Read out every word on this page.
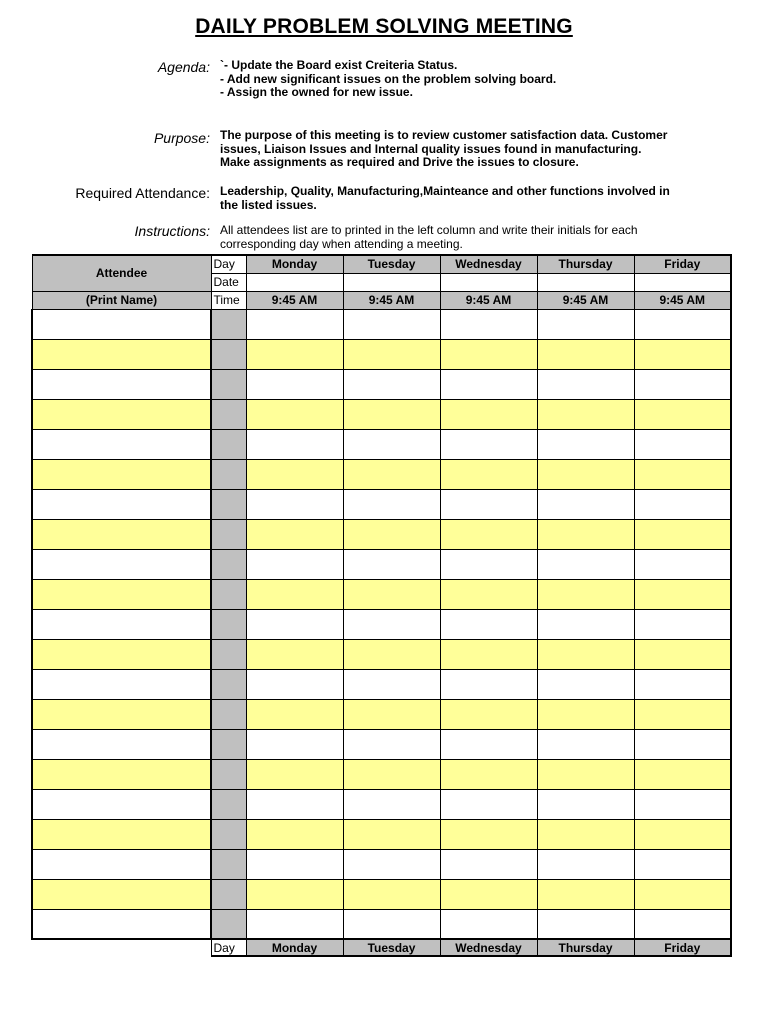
DAILY PROBLEM SOLVING MEETING
Agenda: `- Update the Board exist Creiteria Status.
- Add new significant issues on the problem solving board.
- Assign the owned for new issue.
Purpose: The purpose of this meeting is to review customer satisfaction data. Customer
issues, Liaison Issues and Internal quality issues found in manufacturing.
Make assignments as required and Drive the issues to closure.
Required Attendance: Leadership, Quality, Manufacturing,Mainteance and other functions involved in
the listed issues.
Instructions: All attendees list are to printed in the left column and write their initials for each
corresponding day when attending a meeting.
Attendee	Day	Monday	Tuesday	Wednesday	Thursday	Friday
	Date					
(Print Name)	Time	9:45 AM	9:45 AM	9:45 AM	9:45 AM	9:45 AM

	Day	Monday	Tuesday	Wednesday	Thursday	Friday
